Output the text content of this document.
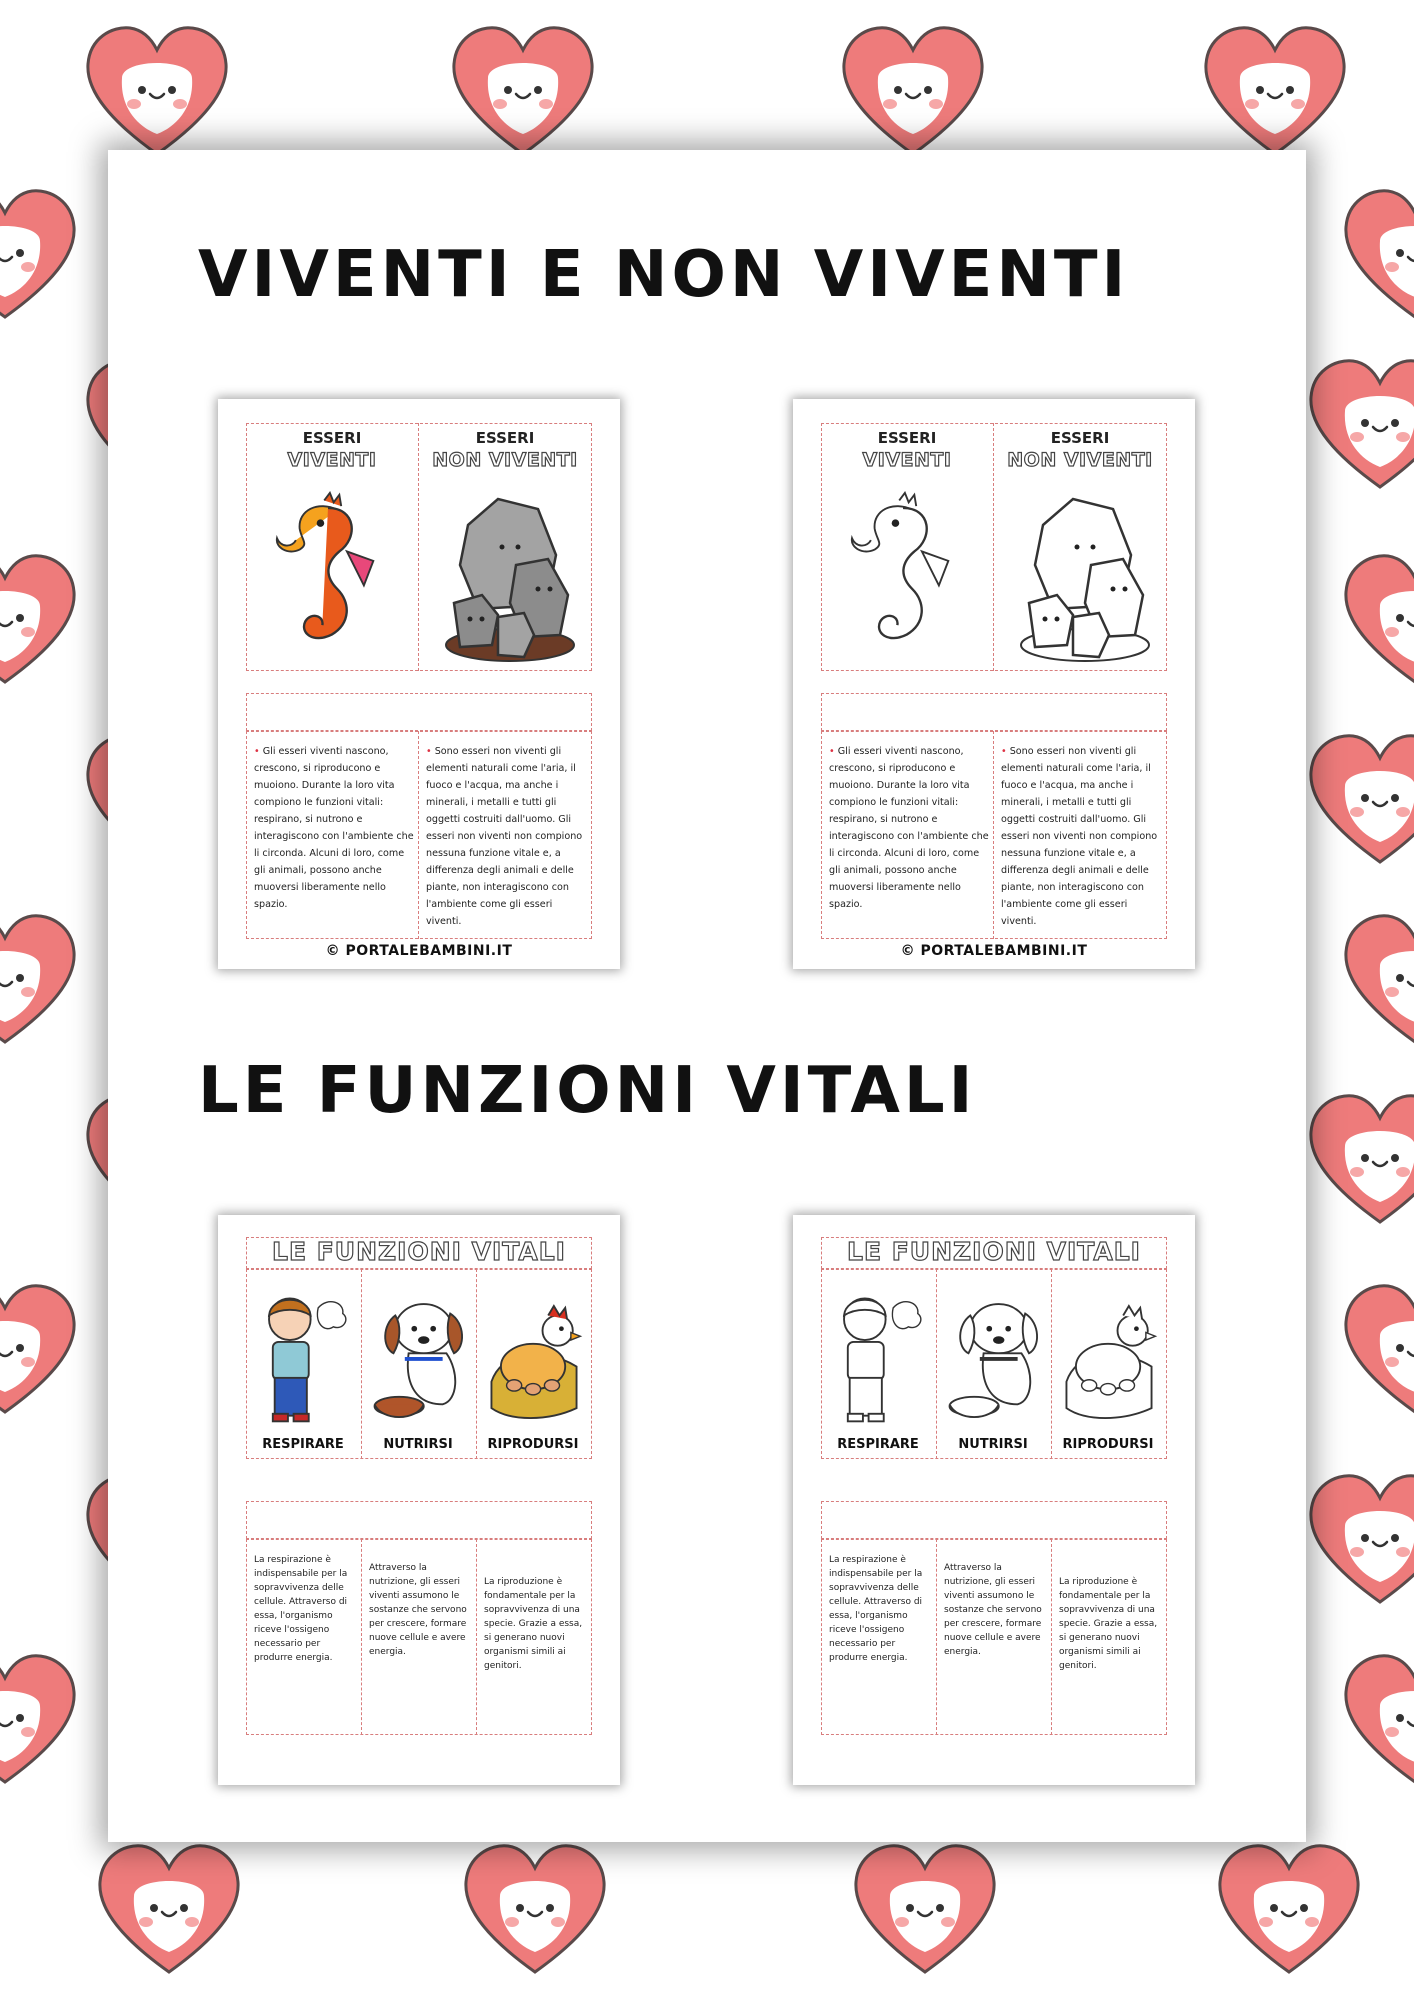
VIVENTI E NON VIVENTI
LE FUNZIONI VITALI
ESSERI
VIVENTI
ESSERI
NON VIVENTI
• Gli esseri viventi nascono, crescono, si riproducono e muoiono. Durante la loro vita compiono le funzioni vitali: respirano, si nutrono e interagiscono con l'ambiente che li circonda. Alcuni di loro, come gli animali, possono anche muoversi liberamente nello spazio.
• Sono esseri non viventi gli elementi naturali come l'aria, il fuoco e l'acqua, ma anche i minerali, i metalli e tutti gli oggetti costruiti dall'uomo. Gli esseri non viventi non compiono nessuna funzione vitale e, a differenza degli animali e delle piante, non interagiscono con l'ambiente come gli esseri viventi.
© PORTALEBAMBINI.IT
ESSERI
VIVENTI
ESSERI
NON VIVENTI
• Gli esseri viventi nascono, crescono, si riproducono e muoiono. Durante la loro vita compiono le funzioni vitali: respirano, si nutrono e interagiscono con l'ambiente che li circonda. Alcuni di loro, come gli animali, possono anche muoversi liberamente nello spazio.
• Sono esseri non viventi gli elementi naturali come l'aria, il fuoco e l'acqua, ma anche i minerali, i metalli e tutti gli oggetti costruiti dall'uomo. Gli esseri non viventi non compiono nessuna funzione vitale e, a differenza degli animali e delle piante, non interagiscono con l'ambiente come gli esseri viventi.
© PORTALEBAMBINI.IT
LE FUNZIONI VITALI
RESPIRARE	NUTRIRSI	RIPRODURSI
La respirazione è indispensabile per la sopravvivenza delle cellule. Attraverso di essa, l'organismo riceve l'ossigeno necessario per produrre energia.
Attraverso la nutrizione, gli esseri viventi assumono le sostanze che servono per crescere, formare nuove cellule e avere energia.
La riproduzione è fondamentale per la sopravvivenza di una specie. Grazie a essa, si generano nuovi organismi simili ai genitori.
LE FUNZIONI VITALI
RESPIRARE	NUTRIRSI	RIPRODURSI
La respirazione è indispensabile per la sopravvivenza delle cellule. Attraverso di essa, l'organismo riceve l'ossigeno necessario per produrre energia.
Attraverso la nutrizione, gli esseri viventi assumono le sostanze che servono per crescere, formare nuove cellule e avere energia.
La riproduzione è fondamentale per la sopravvivenza di una specie. Grazie a essa, si generano nuovi organismi simili ai genitori.
